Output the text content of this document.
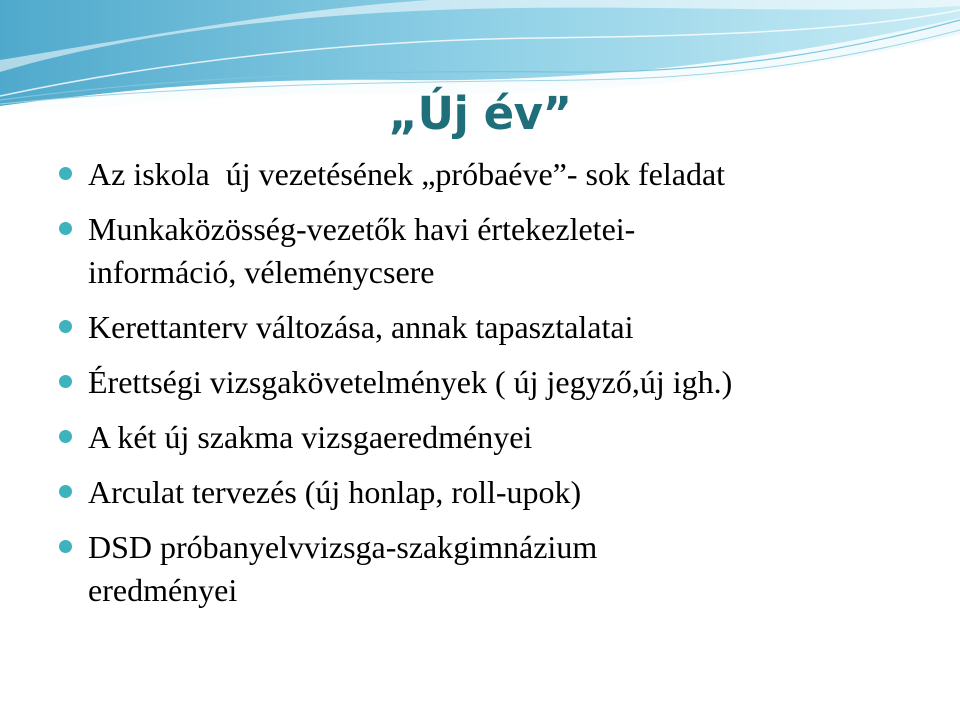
„Új év”
Az iskola  új vezetésének „próbaéve”- sok feladat
Munkaközösség-vezetők havi értekezletei-
információ, véleménycsere
Kerettanterv változása, annak tapasztalatai
Érettségi vizsgakövetelmények ( új jegyző,új igh.)
A két új szakma vizsgaeredményei
Arculat tervezés (új honlap, roll-upok)
DSD próbanyelvvizsga-szakgimnázium
eredményei
